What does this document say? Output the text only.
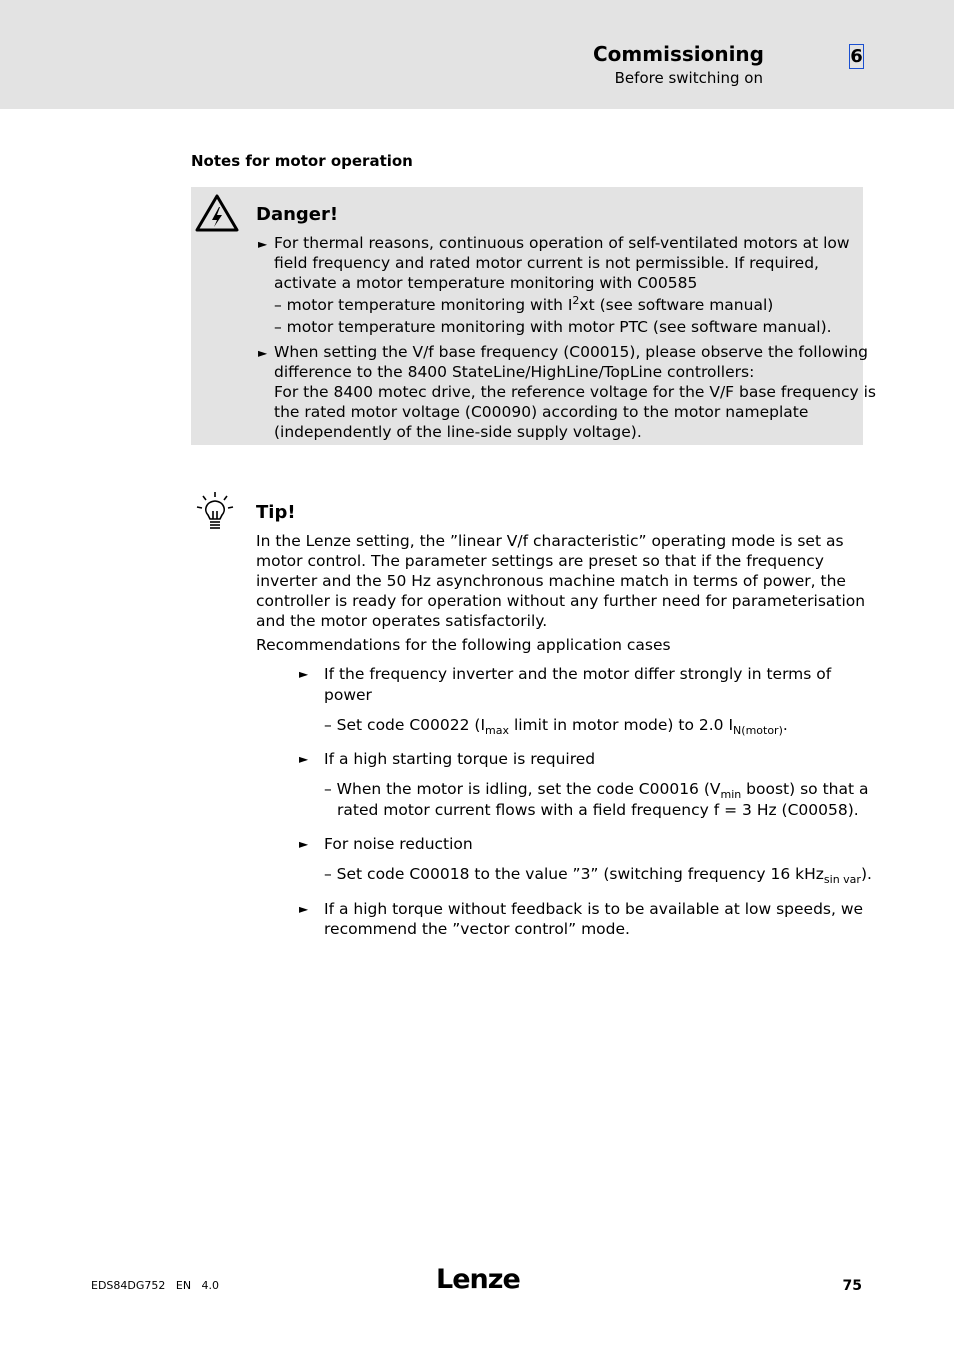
Commissioning
Before switching on
6
Notes for motor operation
Danger!
► For thermal reasons, continuous operation of self-ventilated motors at low
field frequency and rated motor current is not permissible. If required,
activate a motor temperature monitoring with C00585
– motor temperature monitoring with $I^2xt$ (see software manual)
– motor temperature monitoring with motor PTC (see software manual).
► When setting the V/f base frequency (C00015), please observe the following
difference to the 8400 StateLine/HighLine/TopLine controllers:
For the 8400 motec drive, the reference voltage for the V/F base frequency is
the rated motor voltage (C00090) according to the motor nameplate
(independently of the line-side supply voltage).
Tip!
In the Lenze setting, the ”linear V/f characteristic” operating mode is set as
motor control. The parameter settings are preset so that if the frequency
inverter and the 50 Hz asynchronous machine match in terms of power, the
controller is ready for operation without any further need for parameterisation
and the motor operates satisfactorily.
Recommendations for the following application cases
► If the frequency inverter and the motor differ strongly in terms of
power
– Set code C00022 ($I_{max}$ limit in motor mode) to 2.0 $I_{N(motor)}$.
► If a high starting torque is required
– When the motor is idling, set the code C00016 ($V_{min}$ boost) so that a
rated motor current flows with a field frequency f = 3 Hz (C00058).
► For noise reduction
– Set code C00018 to the value ”3” (switching frequency 16 kHz$_{sin var}$).
► If a high torque without feedback is to be available at low speeds, we
recommend the ”vector control” mode.
EDS84DG752   EN   4.0	Lenze	75
